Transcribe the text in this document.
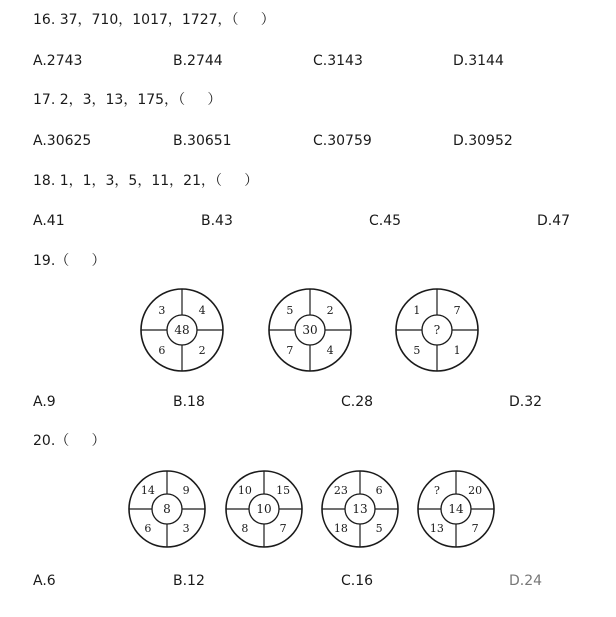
16. 37，710，1017，1727，（     ）
A.2743	B.2744	C.3143	D.3144
17. 2，3，13，175，（     ）
A.30625	B.30651	C.30759	D.30952
18. 1，1，3，5，11，21，（     ）
A.41	B.43	C.45	D.47
19.（     ）
A.9	B.18	C.28	D.32
20.（     ）
A.6	B.12	C.16	D.24
3	4
6	2
48
5	2
7	4
30
1	7
5	1
?
14	9
6	3
8
10 15
8	7
10
23	6
18	5
13
?	20
13	7
14
